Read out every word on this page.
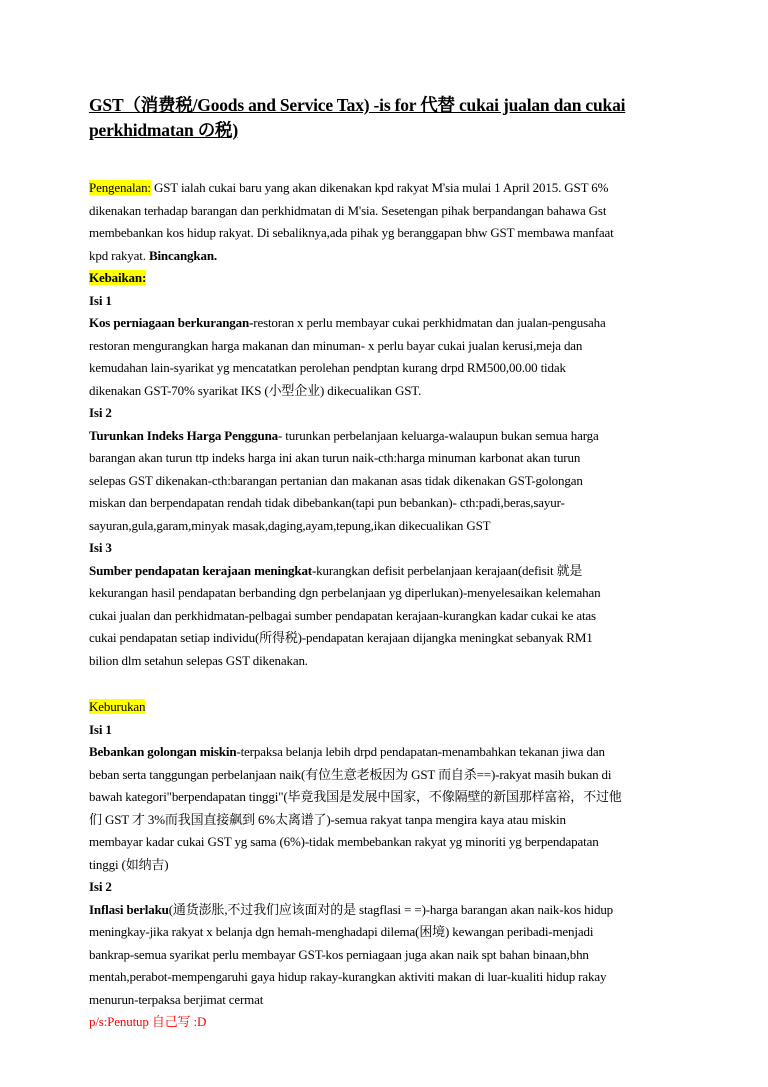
GST（消费税/Goods and Service Tax) -is for 代替 cukai jualan dan cukai
perkhidmatan の税)

Pengenalan: GST ialah cukai baru yang akan dikenakan kpd rakyat M'sia mulai 1 April 2015. GST 6%
dikenakan terhadap barangan dan perkhidmatan di M'sia. Sesetengan pihak berpandangan bahawa Gst
membebankan kos hidup rakyat. Di sebaliknya,ada pihak yg beranggapan bhw GST membawa manfaat
kpd rakyat. Bincangkan.

Kebaikan:
Isi 1
Kos perniagaan berkurangan-restoran x perlu membayar cukai perkhidmatan dan jualan-pengusaha
restoran mengurangkan harga makanan dan minuman- x perlu bayar cukai jualan kerusi,meja dan
kemudahan lain-syarikat yg mencatatkan perolehan pendptan kurang drpd RM500,00.00 tidak
dikenakan GST-70% syarikat IKS (小型企业) dikecualikan GST.
Isi 2
Turunkan Indeks Harga Pengguna- turunkan perbelanjaan keluarga-walaupun bukan semua harga
barangan akan turun ttp indeks harga ini akan turun naik-cth:harga minuman karbonat akan turun
selepas GST dikenakan-cth:barangan pertanian dan makanan asas tidak dikenakan GST-golongan
miskan dan berpendapatan rendah tidak dibebankan(tapi pun bebankan)- cth:padi,beras,sayur-
sayuran,gula,garam,minyak masak,daging,ayam,tepung,ikan dikecualikan GST
Isi 3
Sumber pendapatan kerajaan meningkat-kurangkan defisit perbelanjaan kerajaan(defisit 就是
kekurangan hasil pendapatan berbanding dgn perbelanjaan yg diperlukan)-menyelesaikan kelemahan
cukai jualan dan perkhidmatan-pelbagai sumber pendapatan kerajaan-kurangkan kadar cukai ke atas
cukai pendapatan setiap individu(所得税)-pendapatan kerajaan dijangka meningkat sebanyak RM1
bilion dlm setahun selepas GST dikenakan.
Keburukan
Isi 1
Bebankan golongan miskin-terpaksa belanja lebih drpd pendapatan-menambahkan tekanan jiwa dan
beban serta tanggungan perbelanjaan naik(有位生意老板因为 GST 而自杀==)-rakyat masih bukan di
bawah kategori"berpendapatan tinggi"(毕竟我国是发展中国家，不像隔壁的新国那样富裕，不过他
们 GST 才 3%而我国直接飙到 6%太离谱了)-semua rakyat tanpa mengira kaya atau miskin
membayar kadar cukai GST yg sama (6%)-tidak membebankan rakyat yg minoriti yg berpendapatan
tinggi (如纳吉)
Isi 2
Inflasi berlaku(通货澎胀,不过我们应该面对的是 stagflasi = =)-harga barangan akan naik-kos hidup
meningkay-jika rakyat x belanja dgn hemah-menghadapi dilema(困境) kewangan peribadi-menjadi
bankrap-semua syarikat perlu membayar GST-kos perniagaan juga akan naik spt bahan binaan,bhn
mentah,perabot-mempengaruhi gaya hidup rakay-kurangkan aktiviti makan di luar-kualiti hidup rakay
menurun-terpaksa berjimat cermat
p/s:Penutup 自己写 :D
